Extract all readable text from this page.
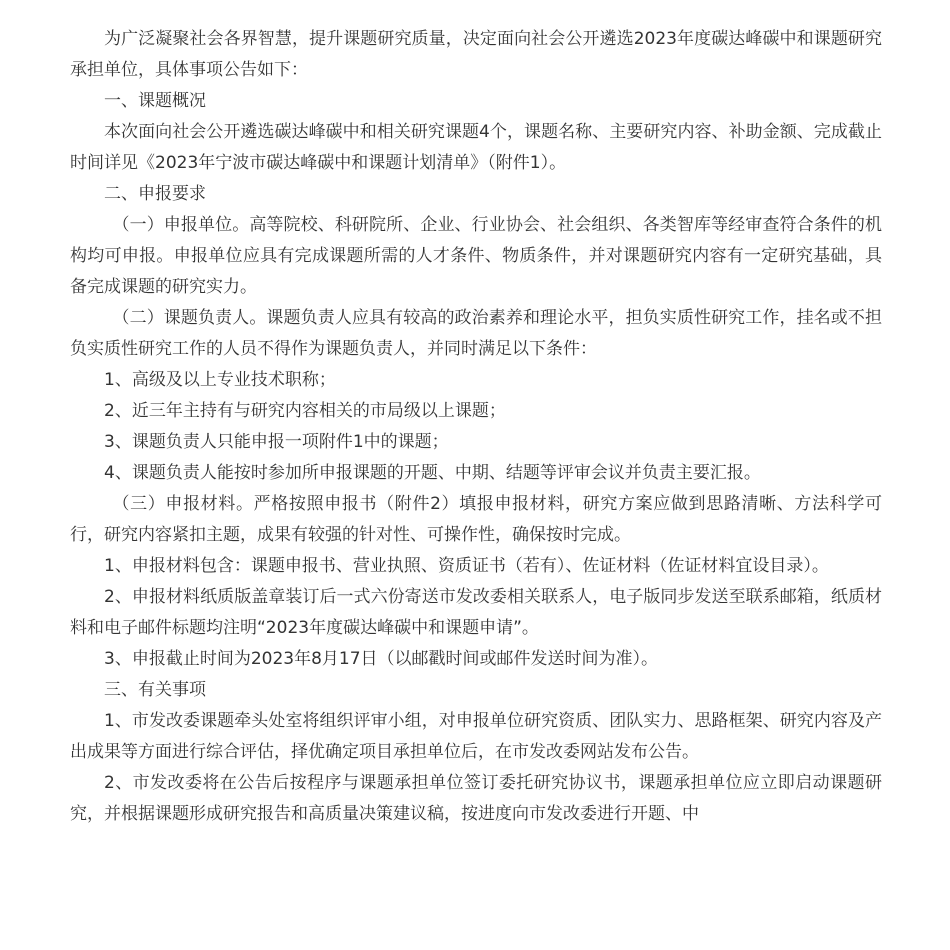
为广泛凝聚社会各界智慧，提升课题研究质量，决定面向社会公开遴选2023年度碳达峰碳中和课题研究承担单位，具体事项公告如下：

一、课题概况

本次面向社会公开遴选碳达峰碳中和相关研究课题4个，课题名称、主要研究内容、补助金额、完成截止时间详见《2023年宁波市碳达峰碳中和课题计划清单》（附件1）。

二、申报要求

（一）申报单位。高等院校、科研院所、企业、行业协会、社会组织、各类智库等经审查符合条件的机构均可申报。申报单位应具有完成课题所需的人才条件、物质条件，并对课题研究内容有一定研究基础，具备完成课题的研究实力。

（二）课题负责人。课题负责人应具有较高的政治素养和理论水平，担负实质性研究工作，挂名或不担负实质性研究工作的人员不得作为课题负责人，并同时满足以下条件：

1、高级及以上专业技术职称；

2、近三年主持有与研究内容相关的市局级以上课题；

3、课题负责人只能申报一项附件1中的课题；

4、课题负责人能按时参加所申报课题的开题、中期、结题等评审会议并负责主要汇报。

（三）申报材料。严格按照申报书（附件2）填报申报材料，研究方案应做到思路清晰、方法科学可行，研究内容紧扣主题，成果有较强的针对性、可操作性，确保按时完成。

1、申报材料包含：课题申报书、营业执照、资质证书（若有）、佐证材料（佐证材料宜设目录）。

2、申报材料纸质版盖章装订后一式六份寄送市发改委相关联系人，电子版同步发送至联系邮箱，纸质材料和电子邮件标题均注明“2023年度碳达峰碳中和课题申请”。

3、申报截止时间为2023年8月17日（以邮戳时间或邮件发送时间为准）。

三、有关事项

1、市发改委课题牵头处室将组织评审小组，对申报单位研究资质、团队实力、思路框架、研究内容及产出成果等方面进行综合评估，择优确定项目承担单位后，在市发改委网站发布公告。

2、市发改委将在公告后按程序与课题承担单位签订委托研究协议书，课题承担单位应立即启动课题研究，并根据课题形成研究报告和高质量决策建议稿，按进度向市发改委进行开题、中
